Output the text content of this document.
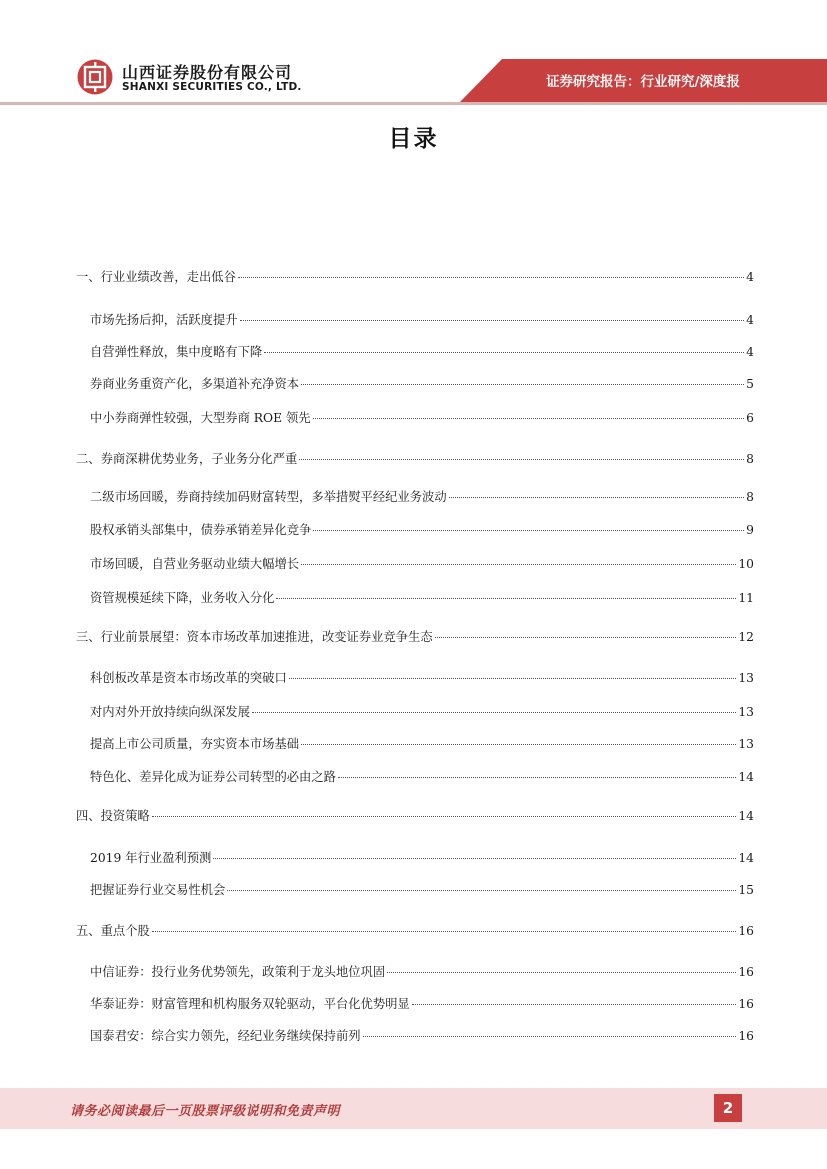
山西证券股份有限公司
SHANXI SECURITIES CO., LTD.	证券研究报告：行业研究/深度报
目录
一、行业业绩改善，走出低谷	4
市场先扬后抑，活跃度提升	4
自营弹性释放，集中度略有下降	4
券商业务重资产化，多渠道补充净资本	5
中小券商弹性较强，大型券商 ROE 领先	6
二、券商深耕优势业务，子业务分化严重	8
二级市场回暖，券商持续加码财富转型，多举措熨平经纪业务波动	8
股权承销头部集中，债券承销差异化竞争	9
市场回暖，自营业务驱动业绩大幅增长	10
资管规模延续下降，业务收入分化	11
三、行业前景展望：资本市场改革加速推进，改变证券业竞争生态	12
科创板改革是资本市场改革的突破口	13
对内对外开放持续向纵深发展	13
提高上市公司质量，夯实资本市场基础	13
特色化、差异化成为证券公司转型的必由之路	14
四、投资策略	14
2019 年行业盈利预测	14
把握证券行业交易性机会	15
五、重点个股	16
中信证券：投行业务优势领先，政策利于龙头地位巩固	16
华泰证券：财富管理和机构服务双轮驱动，平台化优势明显	16
国泰君安：综合实力领先，经纪业务继续保持前列	16
请务必阅读最后一页股票评级说明和免责声明	2
